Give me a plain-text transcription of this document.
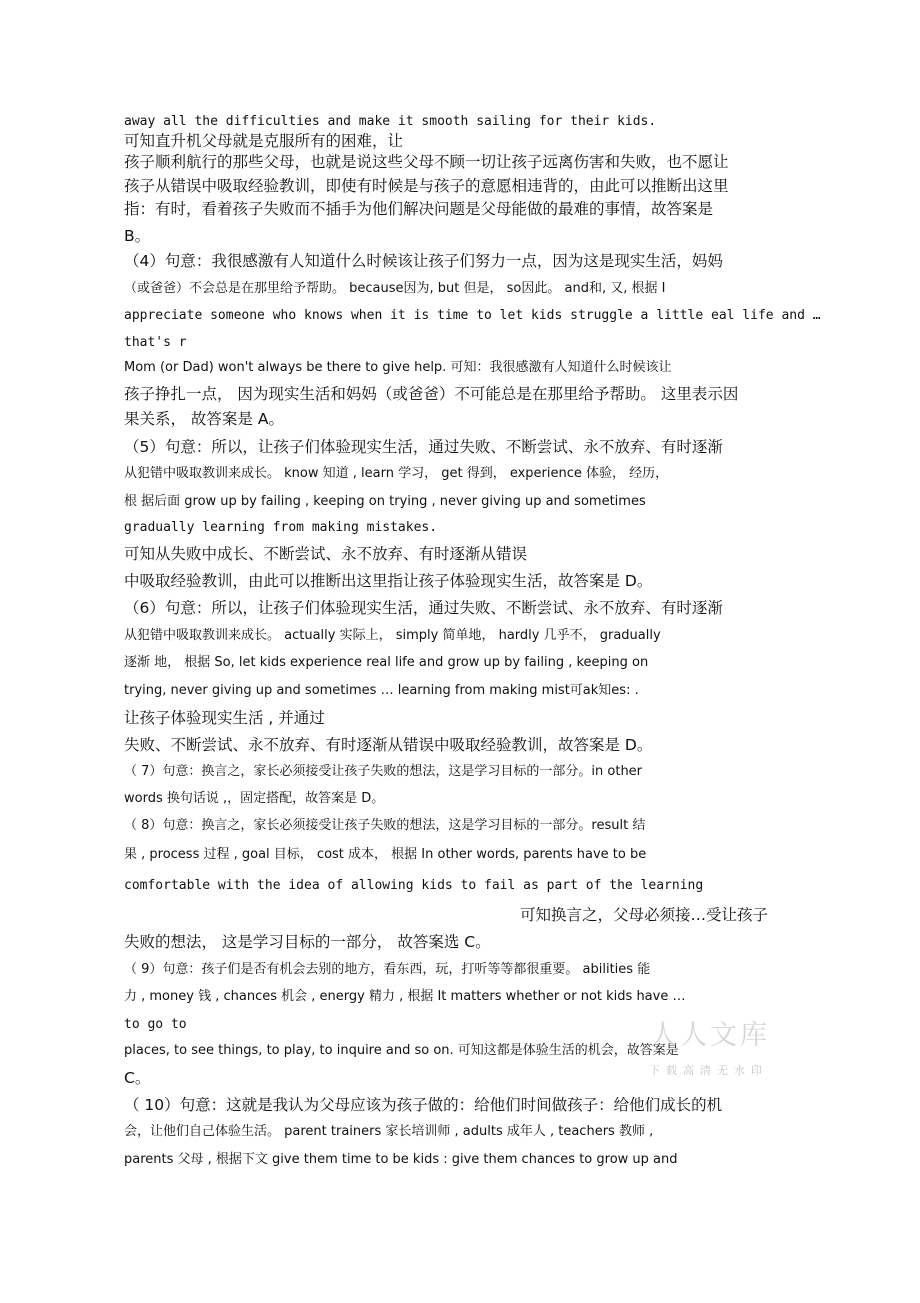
away all the difficulties and make it smooth sailing for their kids.
可知直升机父母就是克服所有的困难，让
孩子顺利航行的那些父母，也就是说这些父母不顾一切让孩子远离伤害和失败，也不愿让
孩子从错误中吸取经验教训，即使有时候是与孩子的意愿相违背的，由此可以推断出这里
指：有时，看着孩子失败而不插手为他们解决问题是父母能做的最难的事情，故答案是
B。
（4）句意：我很感激有人知道什么时候该让孩子们努力一点，因为这是现实生活，妈妈
（或爸爸）不会总是在那里给予帮助。 because因为, but 但是， so因此。 and和, 又, 根据 I
appreciate someone who knows when it is time to let kids struggle a little eal life and …
that's r
Mom (or Dad) won't always be there to give help. 可知：我很感激有人知道什么时候该让
孩子挣扎一点， 因为现实生活和妈妈（或爸爸）不可能总是在那里给予帮助。 这里表示因
果关系， 故答案是 A。
（5）句意：所以，让孩子们体验现实生活，通过失败、不断尝试、永不放弃、有时逐渐
从犯错中吸取教训来成长。 know 知道 , learn 学习， get 得到， experience 体验， 经历，
根 据后面 grow up by failing , keeping on trying , never giving up and sometimes
gradually learning from making mistakes.
可知从失败中成长、不断尝试、永不放弃、有时逐渐从错误
中吸取经验教训，由此可以推断出这里指让孩子体验现实生活，故答案是 D。
（6）句意：所以，让孩子们体验现实生活，通过失败、不断尝试、永不放弃、有时逐渐
从犯错中吸取教训来成长。 actually 实际上， simply 简单地， hardly 几乎不， gradually
逐渐 地， 根据 So, let kids experience real life and grow up by failing , keeping on
trying, never giving up and sometimes … learning from making mist可ak知es: .
让孩子体验现实生活 , 并通过
失败、不断尝试、永不放弃、有时逐渐从错误中吸取经验教训，故答案是 D。
（ 7）句意：换言之，家长必须接受让孩子失败的想法，这是学习目标的一部分。in other
words 换句话说 ,，固定搭配，故答案是 D。
（ 8）句意：换言之，家长必须接受让孩子失败的想法，这是学习目标的一部分。result 结
果 , process 过程 , goal 目标， cost 成本， 根据 In other words, parents have to be
comfortable with the idea of allowing kids to fail as part of the learning
可知换言之，父母必须接…受让孩子
失败的想法， 这是学习目标的一部分， 故答案选 C。
（ 9）句意：孩子们是否有机会去别的地方，看东西，玩，打听等等都很重要。 abilities 能
力 , money 钱 , chances 机会 , energy 精力 , 根据 It matters whether or not kids have …
to go to
places, to see things, to play, to inquire and so on. 可知这都是体验生活的机会，故答案是
C。
（ 10）句意：这就是我认为父母应该为孩子做的：给他们时间做孩子：给他们成长的机
会，让他们自己体验生活。 parent trainers 家长培训师 , adults 成年人 , teachers 教师 ,
parents 父母 , 根据下文 give them time to be kids : give them chances to grow up and
人人文库
下载高清无水印
